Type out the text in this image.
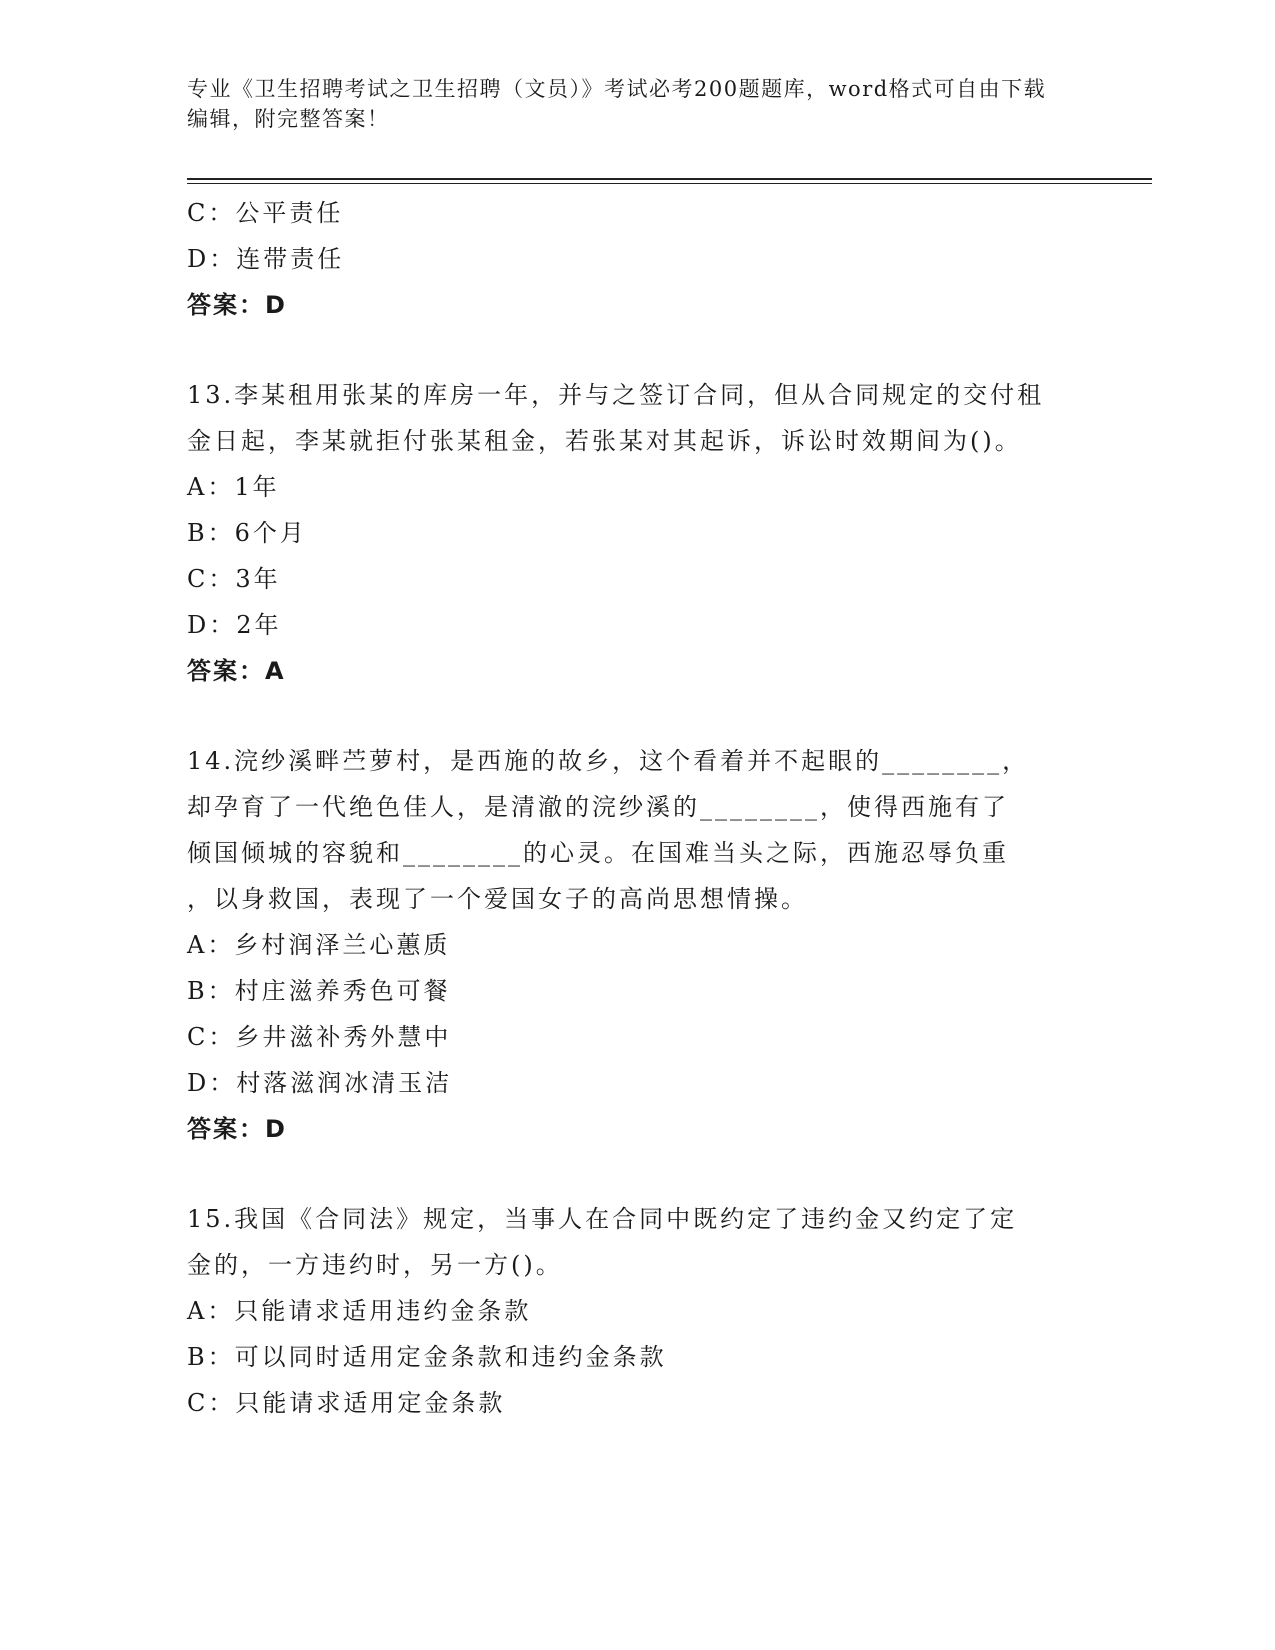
专业《卫生招聘考试之卫生招聘（文员）》考试必考200题题库，word格式可自由下载编辑，附完整答案！
C：公平责任
D：连带责任
答案：D
13.李某租用张某的库房一年，并与之签订合同，但从合同规定的交付租金日起，李某就拒付张某租金，若张某对其起诉，诉讼时效期间为()。
A：1年
B：6个月
C：3年
D：2年
答案：A
14.浣纱溪畔苎萝村，是西施的故乡，这个看着并不起眼的________，
却孕育了一代绝色佳人，是清澈的浣纱溪的________，使得西施有了
倾国倾城的容貌和________的心灵。在国难当头之际，西施忍辱负重
，以身救国，表现了一个爱国女子的高尚思想情操。
A：乡村润泽兰心蕙质
B：村庄滋养秀色可餐
C：乡井滋补秀外慧中
D：村落滋润冰清玉洁
答案：D
15.我国《合同法》规定，当事人在合同中既约定了违约金又约定了定
金的，一方违约时，另一方()。
A：只能请求适用违约金条款
B：可以同时适用定金条款和违约金条款
C：只能请求适用定金条款
